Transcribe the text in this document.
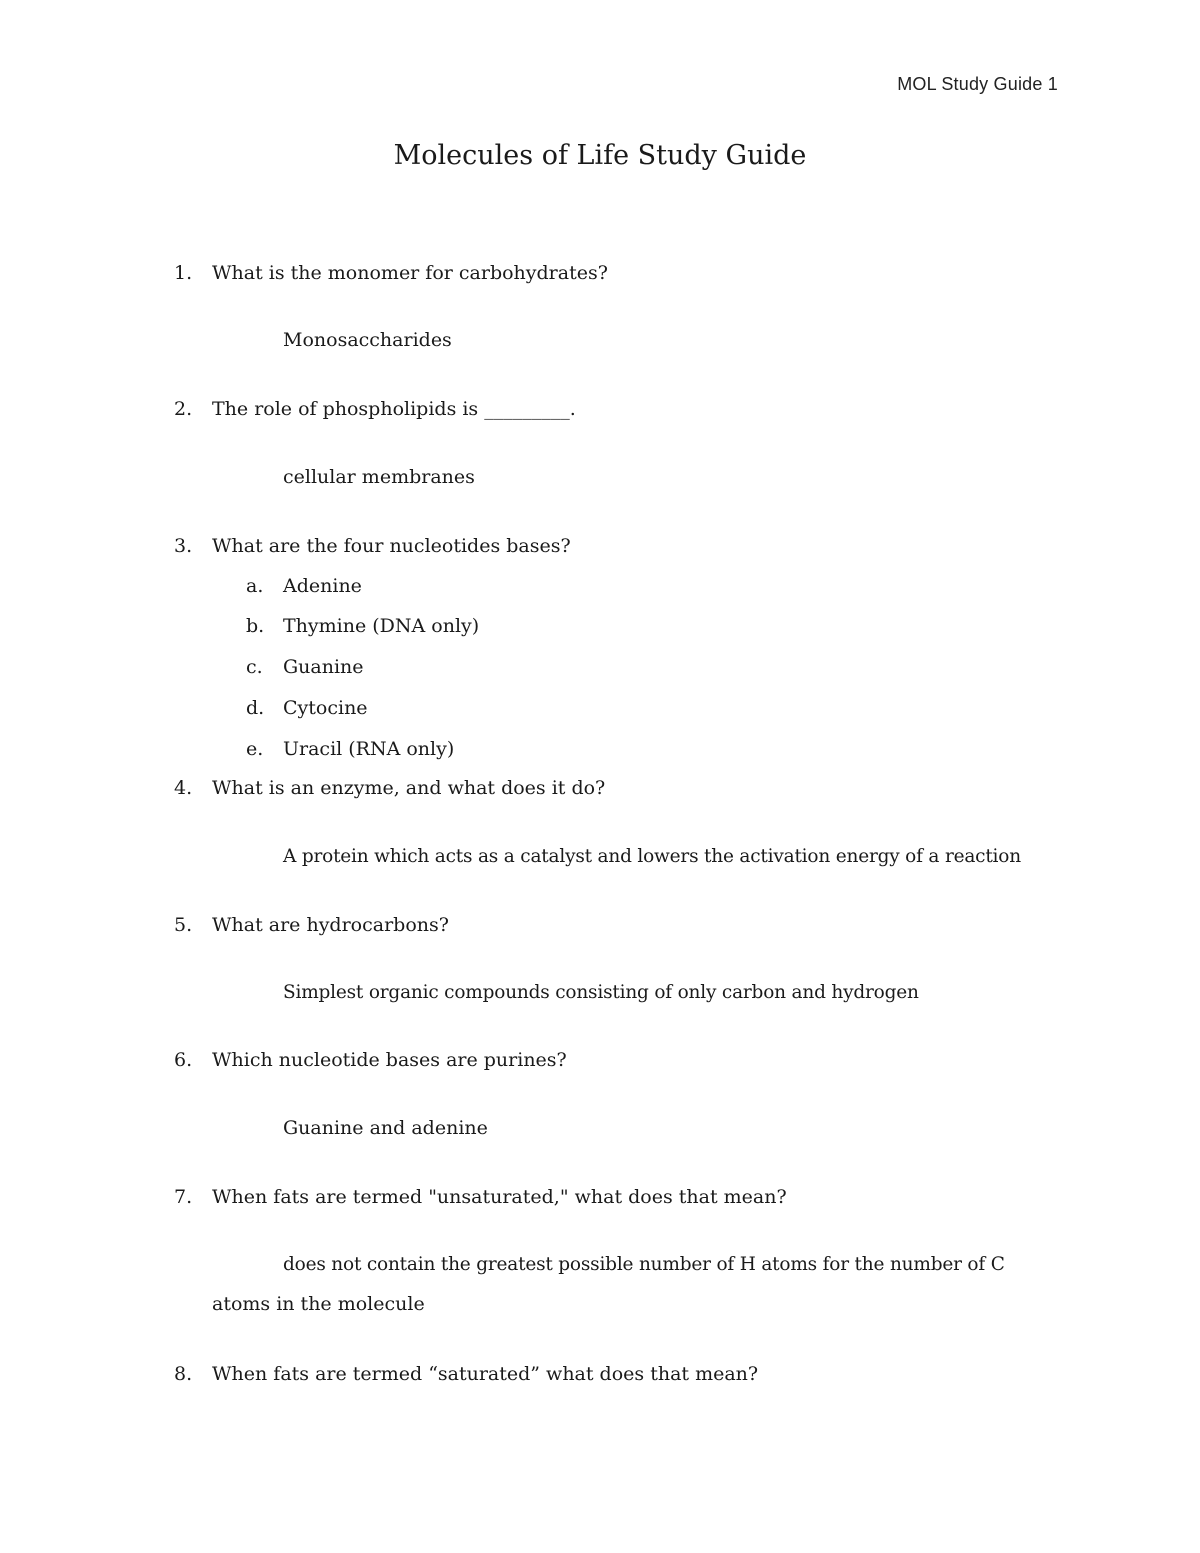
MOL Study Guide 1
Molecules of Life Study Guide
1. What is the monomer for carbohydrates?
Monosaccharides
2. The role of phospholipids is _________.
cellular membranes
3. What are the four nucleotides bases?
a. Adenine
b. Thymine (DNA only)
c. Guanine
d. Cytocine
e. Uracil (RNA only)
4. What is an enzyme, and what does it do?
A protein which acts as a catalyst and lowers the activation energy of a reaction
5. What are hydrocarbons?
Simplest organic compounds consisting of only carbon and hydrogen
6. Which nucleotide bases are purines?
Guanine and adenine
7. When fats are termed "unsaturated," what does that mean?
does not contain the greatest possible number of H atoms for the number of C
atoms in the molecule
8. When fats are termed “saturated” what does that mean?
